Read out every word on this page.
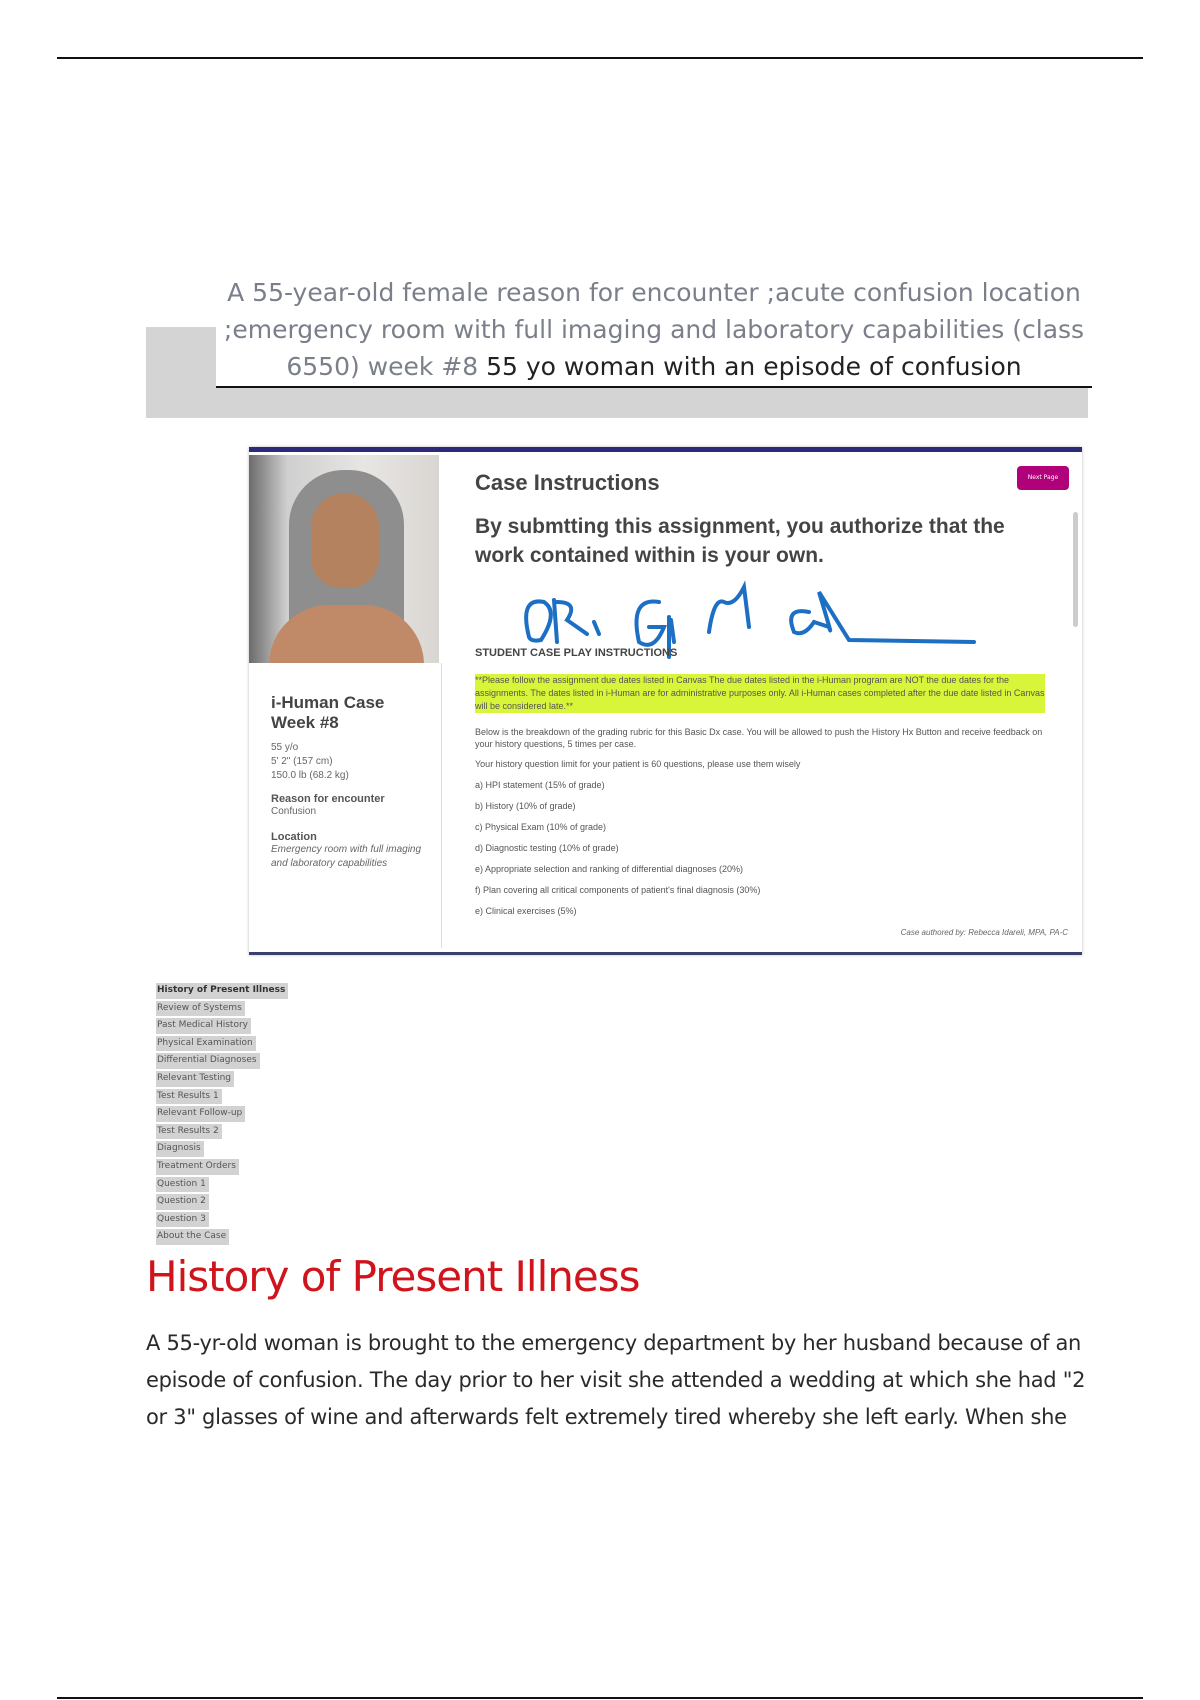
A 55-year-old female reason for encounter ;acute confusion location ;emergency room with full imaging and laboratory capabilities (class 6550) week #8 55 yo woman with an episode of confusion
i-Human Case Week #8
55 y/o
5' 2" (157 cm)
150.0 lb (68.2 kg)
Reason for encounter
Confusion
Location
Emergency room with full imaging and laboratory capabilities
Case Instructions	Next Page
By submtting this assignment, you authorize that the work contained within is your own.
STUDENT CASE PLAY INSTRUCTIONS
**Please follow the assignment due dates listed in Canvas The due dates listed in the i-Human program are NOT the due dates for the assignments. The dates listed in i-Human are for administrative purposes only. All i-Human cases completed after the due date listed in Canvas will be considered late.**
Below is the breakdown of the grading rubric for this Basic Dx case. You will be allowed to push the History Hx Button and receive feedback on your history questions, 5 times per case.
Your history question limit for your patient is 60 questions, please use them wisely
a) HPI statement (15% of grade)
b) History (10% of grade)
c) Physical Exam (10% of grade)
d) Diagnostic testing (10% of grade)
e) Appropriate selection and ranking of differential diagnoses (20%)
f) Plan covering all critical components of patient's final diagnosis (30%)
e) Clinical exercises (5%)
Case authored by: Rebecca Idareli, MPA, PA-C
History of Present Illness
Review of Systems
Past Medical History
Physical Examination
Differential Diagnoses
Relevant Testing
Test Results 1
Relevant Follow-up
Test Results 2
Diagnosis
Treatment Orders
Question 1
Question 2
Question 3
About the Case
History of Present Illness
A 55-yr-old woman is brought to the emergency department by her husband because of an episode of confusion. The day prior to her visit she attended a wedding at which she had "2 or 3" glasses of wine and afterwards felt extremely tired whereby she left early. When she
